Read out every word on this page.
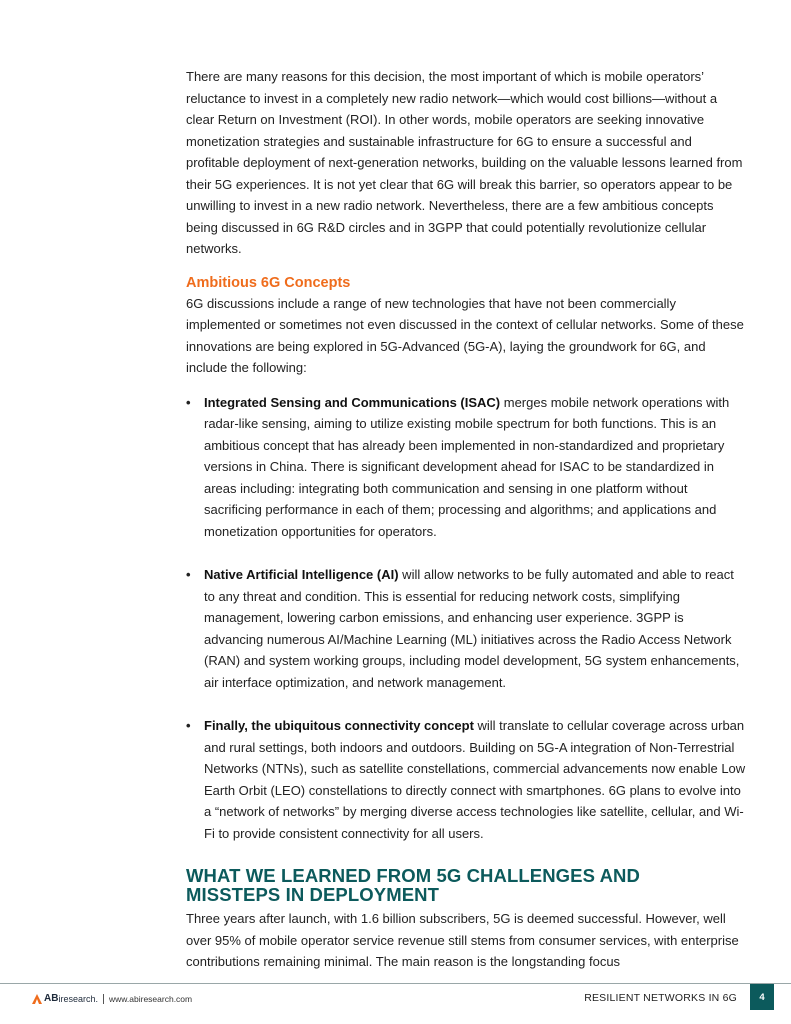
There are many reasons for this decision, the most important of which is mobile operators’ reluctance to invest in a completely new radio network—which would cost billions—without a clear Return on Investment (ROI). In other words, mobile operators are seeking innovative monetization strategies and sustainable infrastructure for 6G to ensure a successful and profitable deployment of next-generation networks, building on the valuable lessons learned from their 5G experiences. It is not yet clear that 6G will break this barrier, so operators appear to be unwilling to invest in a new radio network. Nevertheless, there are a few ambitious concepts being discussed in 6G R&D circles and in 3GPP that could potentially revolutionize cellular networks.

Ambitious 6G Concepts

6G discussions include a range of new technologies that have not been commercially implemented or sometimes not even discussed in the context of cellular networks. Some of these innovations are being explored in 5G-Advanced (5G-A), laying the groundwork for 6G, and include the following:

• Integrated Sensing and Communications (ISAC) merges mobile network operations with radar-like sensing, aiming to utilize existing mobile spectrum for both functions. This is an ambitious concept that has already been implemented in non-standardized and proprietary versions in China. There is significant development ahead for ISAC to be standardized in areas including: integrating both communication and sensing in one platform without sacrificing performance in each of them; processing and algorithms; and applications and monetization opportunities for operators.
• Native Artificial Intelligence (AI) will allow networks to be fully automated and able to react to any threat and condition. This is essential for reducing network costs, simplifying management, lowering carbon emissions, and enhancing user experience. 3GPP is advancing numerous AI/Machine Learning (ML) initiatives across the Radio Access Network (RAN) and system working groups, including model development, 5G system enhancements, air interface optimization, and network management.
• Finally, the ubiquitous connectivity concept will translate to cellular coverage across urban and rural settings, both indoors and outdoors. Building on 5G-A integration of Non-Terrestrial Networks (NTNs), such as satellite constellations, commercial advancements now enable Low Earth Orbit (LEO) constellations to directly connect with smartphones. 6G plans to evolve into a “network of networks” by merging diverse access technologies like satellite, cellular, and Wi-Fi to provide consistent connectivity for all users.
WHAT WE LEARNED FROM 5G CHALLENGES AND
MISSTEPS IN DEPLOYMENT

Three years after launch, with 1.6 billion subscribers, 5G is deemed successful. However, well over 95% of mobile operator service revenue still stems from consumer services, with enterprise contributions remaining minimal. The main reason is the longstanding focus

AB iresearch. www.abiresearch.com	RESILIENT NETWORKS IN 6G	4
